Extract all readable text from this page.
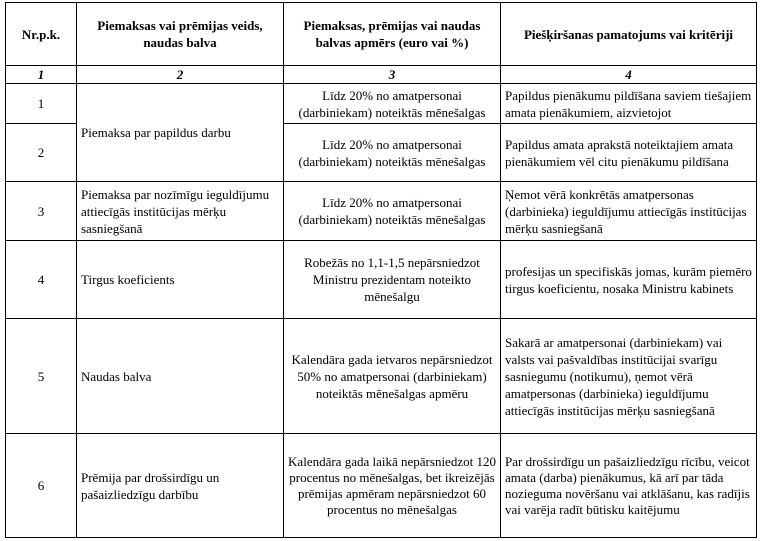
Nr.p.k.	Piemaksas vai prēmijas veids, naudas balva	Piemaksas, prēmijas vai naudas balvas apmērs (euro vai %)	Piešķiršanas pamatojums vai kritēriji
1	2	3	4
1	Piemaksa par papildus darbu	Līdz 20% no amatpersonai (darbiniekam) noteiktās mēnešalgas	Papildus pienākumu pildīšana saviem tiešajiem amata pienākumiem, aizvietojot
2		Līdz 20% no amatpersonai (darbiniekam) noteiktās mēnešalgas	Papildus amata aprakstā noteiktajiem amata pienākumiem vēl citu pienākumu pildīšana
3	Piemaksa par nozīmīgu ieguldījumu attiecīgās institūcijas mērķu sasniegšanā	Līdz 20% no amatpersonai (darbiniekam) noteiktās mēnešalgas	Ņemot vērā konkrētās amatpersonas (darbinieka) ieguldījumu attiecīgās institūcijas mērķu sasniegšanā
4	Tirgus koeficients	Robežās no 1,1-1,5 nepārsniedzot Ministru prezidentam noteikto mēnešalgu	profesijas un specifiskās jomas, kurām piemēro tirgus koeficientu, nosaka Ministru kabinets
5	Naudas balva	Kalendāra gada ietvaros nepārsniedzot 50% no amatpersonai (darbiniekam) noteiktās mēnešalgas apmēru	Sakarā ar amatpersonai (darbiniekam) vai valsts vai pašvaldības institūcijai svarīgu sasniegumu (notikumu), ņemot vērā amatpersonas (darbinieka) ieguldījumu attiecīgās institūcijas mērķu sasniegšanā
6	Prēmija par drošsirdīgu un pašaizliedzīgu darbību	Kalendāra gada laikā nepārsniedzot 120 procentus no mēnešalgas, bet ikreizējās prēmijas apmēram nepārsniedzot 60 procentus no mēnešalgas	Par drošsirdīgu un pašaizliedzīgu rīcību, veicot amata (darba) pienākumus, kā arī par tāda nozieguma novēršanu vai atklāšanu, kas radījis vai varēja radīt būtisku kaitējumu
